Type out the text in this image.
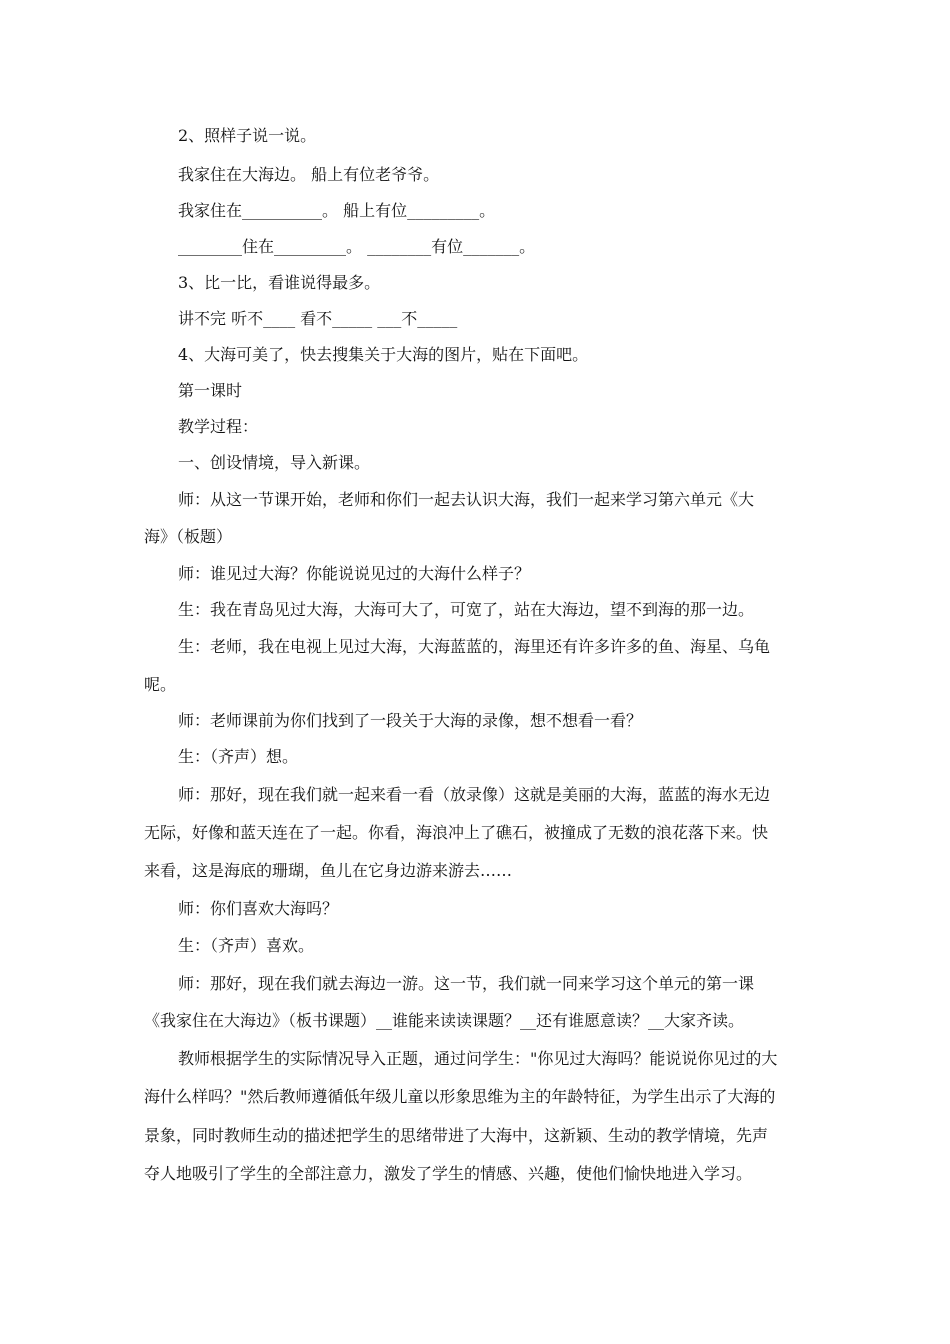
2、照样子说一说。
我家住在大海边。 船上有位老爷爷。
我家住在__________。 船上有位_________。
________住在_________。 ________有位_______。
3、比一比，看谁说得最多。
讲不完 听不____ 看不_____ ___不_____
4、大海可美了，快去搜集关于大海的图片，贴在下面吧。
第一课时
教学过程：
一、创设情境，导入新课。
师：从这一节课开始，老师和你们一起去认识大海，我们一起来学习第六单元《大
海》（板题）
师：谁见过大海？你能说说见过的大海什么样子？
生：我在青岛见过大海，大海可大了，可宽了，站在大海边，望不到海的那一边。
生：老师，我在电视上见过大海，大海蓝蓝的，海里还有许多许多的鱼、海星、乌龟
呢。
师：老师课前为你们找到了一段关于大海的录像，想不想看一看？
生：（齐声）想。
师：那好，现在我们就一起来看一看（放录像）这就是美丽的大海，蓝蓝的海水无边
无际，好像和蓝天连在了一起。你看，海浪冲上了礁石，被撞成了无数的浪花落下来。快
来看，这是海底的珊瑚，鱼儿在它身边游来游去……
师：你们喜欢大海吗？
生：（齐声）喜欢。
师：那好，现在我们就去海边一游。这一节，我们就一同来学习这个单元的第一课
《我家住在大海边》（板书课题）__谁能来读读课题？__还有谁愿意读？__大家齐读。
教师根据学生的实际情况导入正题，通过问学生："你见过大海吗？能说说你见过的大
海什么样吗？"然后教师遵循低年级儿童以形象思维为主的年龄特征，为学生出示了大海的
景象，同时教师生动的描述把学生的思绪带进了大海中，这新颖、生动的教学情境，先声
夺人地吸引了学生的全部注意力，激发了学生的情感、兴趣，使他们愉快地进入学习。
